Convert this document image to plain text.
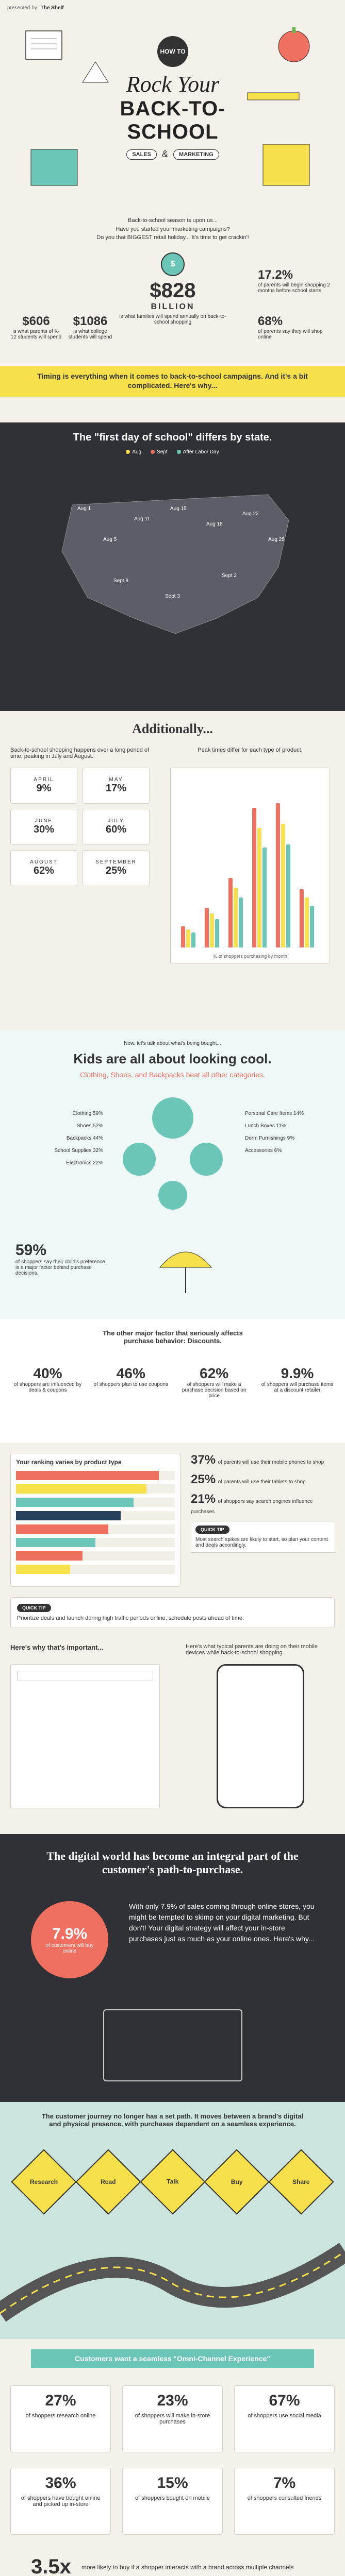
presented by The Shelf
HOW TO
Rock Your
BACK-TO-SCHOOL
SALES	&	MARKETING
Back-to-school season is upon us...
Have you started your marketing campaigns?
Do you that BIGGEST retail holiday... It's time to get crackin'!
$
$828
BILLION
is what families will spend annually on back-to-school shopping
$606
is what parents of K-12 students will spend
$1086
is what college students will spend
17.2%
of parents will begin shopping 2 months before school starts
68%
of parents say they will shop online
Timing is everything when it comes to back-to-school campaigns. And it's a bit complicated. Here's why...
The "first day of school" differs by state.
Aug	Sept	After Labor Day
Aug 1
Aug 5
Aug 11
Aug 15
Aug 18
Aug 22
Aug 25
Sept 2
Sept 3
Sept 8
Additionally...
Back-to-school shopping happens over a long period of time, peaking in July and August.
APRIL
9%
MAY
17%
JUNE
30%
JULY
60%
AUGUST
62%
SEPTEMBER
25%
Peak times differ for each type of product.
% of shoppers purchasing by month
Now, let's talk about what's being bought...
Kids are all about looking cool.
Clothing, Shoes, and Backpacks beat all other categories.
Clothing 59%
Shoes 52%
Backpacks 44%
School Supplies 32%
Electronics 22%
Personal Care Items 14%
Lunch Boxes 11%
Dorm Furnishings 9%
Accessories 6%
59%
of shoppers say their child's preference is a major factor behind purchase decisions.
The other major factor that seriously affects purchase behavior: Discounts.
40%
of shoppers are influenced by deals & coupons
46%
of shoppers plan to use coupons
62%
of shoppers will make a purchase decision based on price
9.9%
of shoppers will purchase items at a discount retailer
Your ranking varies by product type	37% of parents will use their mobile phones to shop
25% of parents will use their tablets to shop
21% of shoppers say search engines influence purchases
QUICK TIP
Most search spikes are likely to start, so plan your content and deals accordingly.
QUICK TIP
Prioritize deals and launch during high traffic periods online; schedule posts ahead of time.
Here's why that's important...	Here's what typical parents are doing on their mobile devices while back-to-school shopping.
The digital world has become an integral part of the customer's path-to-purchase.
7.9%
of customers will buy online
With only 7.9% of sales coming through online stores, you might be tempted to skimp on your digital marketing. But don't! Your digital strategy will affect your in-store purchases just as much as your online ones. Here's why...
The customer journey no longer has a set path. It moves between a brand's digital and physical presence, with purchases dependent on a seamless experience.
Research	Read	Talk	Buy	Share
Customers want a seamless "Omni-Channel Experience"
27%
of shoppers research online
23%
of shoppers will make in-store purchases
67%
of shoppers use social media
36%
of shoppers have bought online and picked up in-store
15%
of shoppers bought on mobile
7%
of shoppers consulted friends
3.5x more likely to buy if a shopper interacts with a brand across multiple channels
